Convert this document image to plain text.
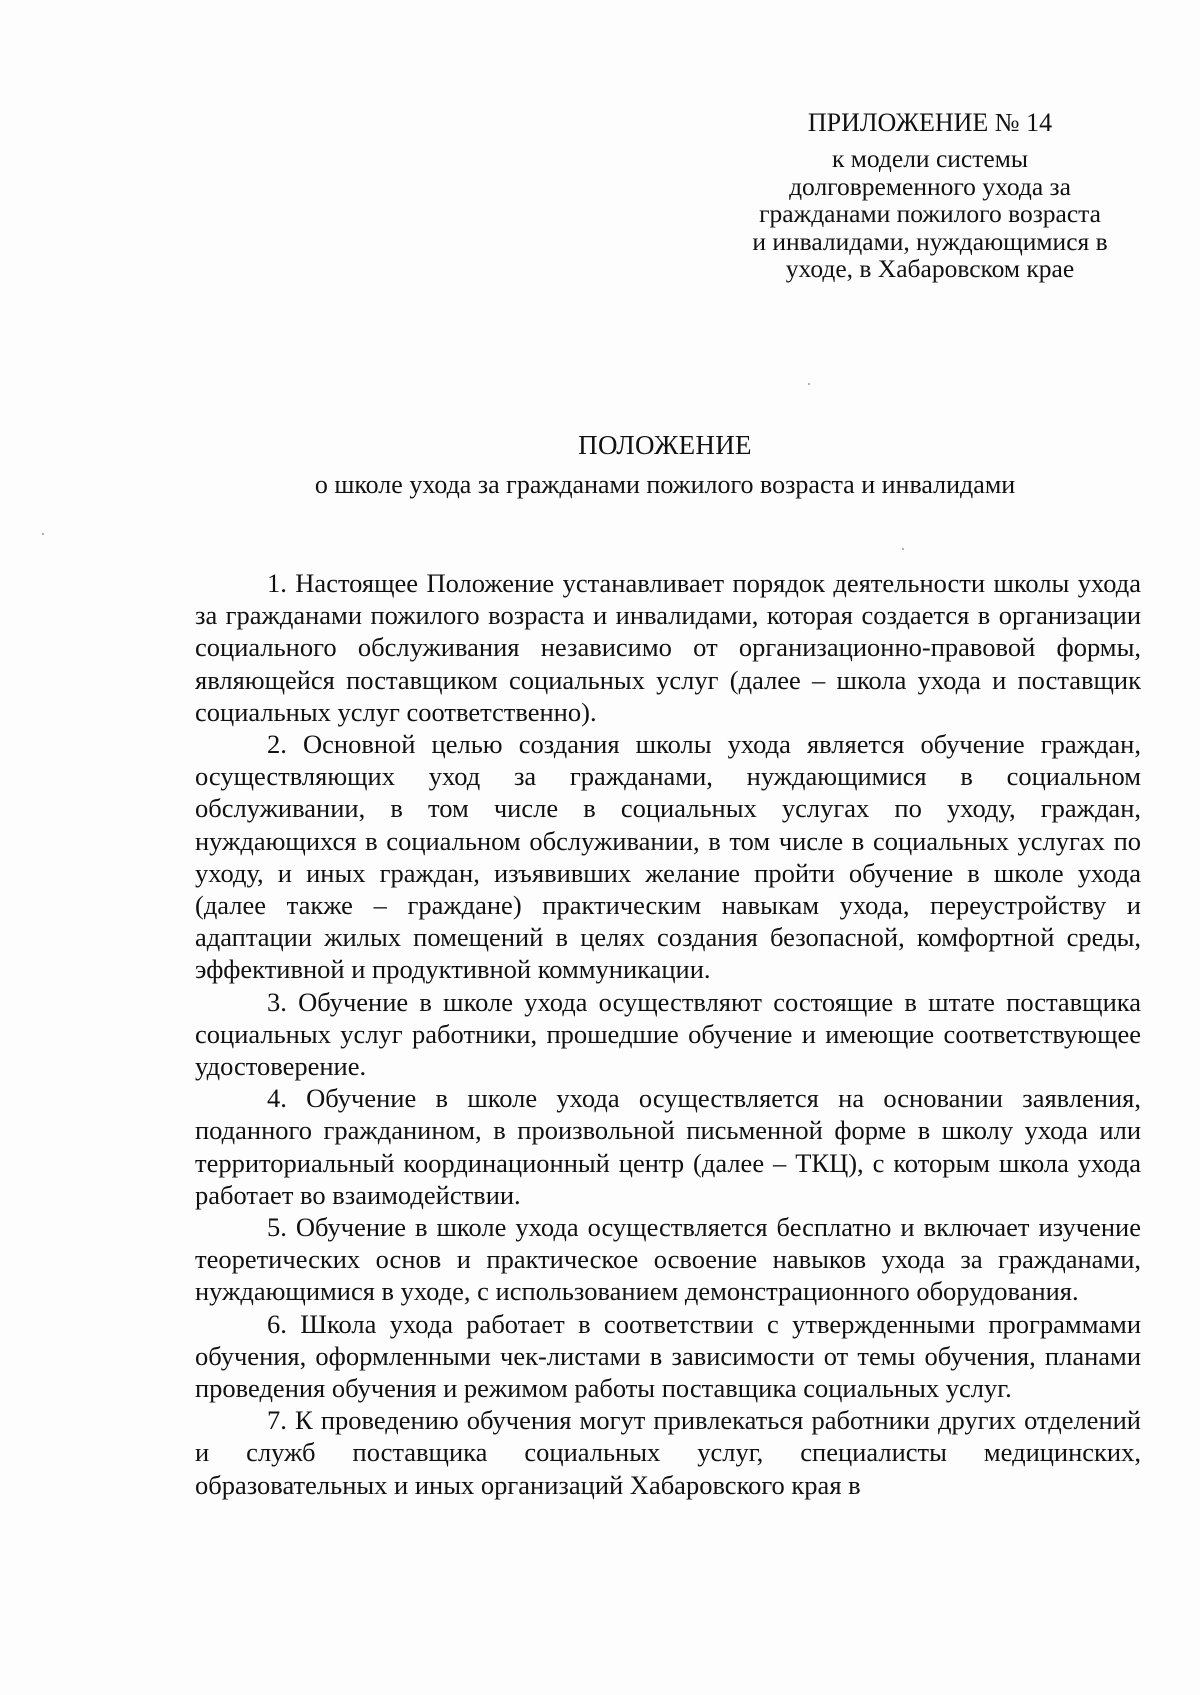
ПРИЛОЖЕНИЕ № 14
к модели системы
долговременного ухода за
гражданами пожилого возраста
и инвалидами, нуждающимися в
уходе, в Хабаровском крае
ПОЛОЖЕНИЕ
о школе ухода за гражданами пожилого возраста и инвалидами

1. Настоящее Положение устанавливает порядок деятельности школы ухода за гражданами пожилого возраста и инвалидами, которая создается в организации социального обслуживания независимо от организационно-правовой формы, являющейся поставщиком социальных услуг (далее – школа ухода и поставщик социальных услуг соответственно).

2. Основной целью создания школы ухода является обучение граждан, осуществляющих уход за гражданами, нуждающимися в социальном обслуживании, в том числе в социальных услугах по уходу, граждан, нуждающихся в социальном обслуживании, в том числе в социальных услугах по уходу, и иных граждан, изъявивших желание пройти обучение в школе ухода (далее также – граждане) практическим навыкам ухода, переустройству и адаптации жилых помещений в целях создания безопасной, комфортной среды, эффективной и продуктивной коммуникации.

3. Обучение в школе ухода осуществляют состоящие в штате поставщика социальных услуг работники, прошедшие обучение и имеющие соответствующее удостоверение.

4. Обучение в школе ухода осуществляется на основании заявления, поданного гражданином, в произвольной письменной форме в школу ухода или территориальный координационный центр (далее – ТКЦ), с которым школа ухода работает во взаимодействии.

5. Обучение в школе ухода осуществляется бесплатно и включает изучение теоретических основ и практическое освоение навыков ухода за гражданами, нуждающимися в уходе, с использованием демонстрационного оборудования.

6. Школа ухода работает в соответствии с утвержденными программами обучения, оформленными чек-листами в зависимости от темы обучения, планами проведения обучения и режимом работы поставщика социальных услуг.

7. К проведению обучения могут привлекаться работники других отделений и служб поставщика социальных услуг, специалисты медицинских, образовательных и иных организаций Хабаровского края в
